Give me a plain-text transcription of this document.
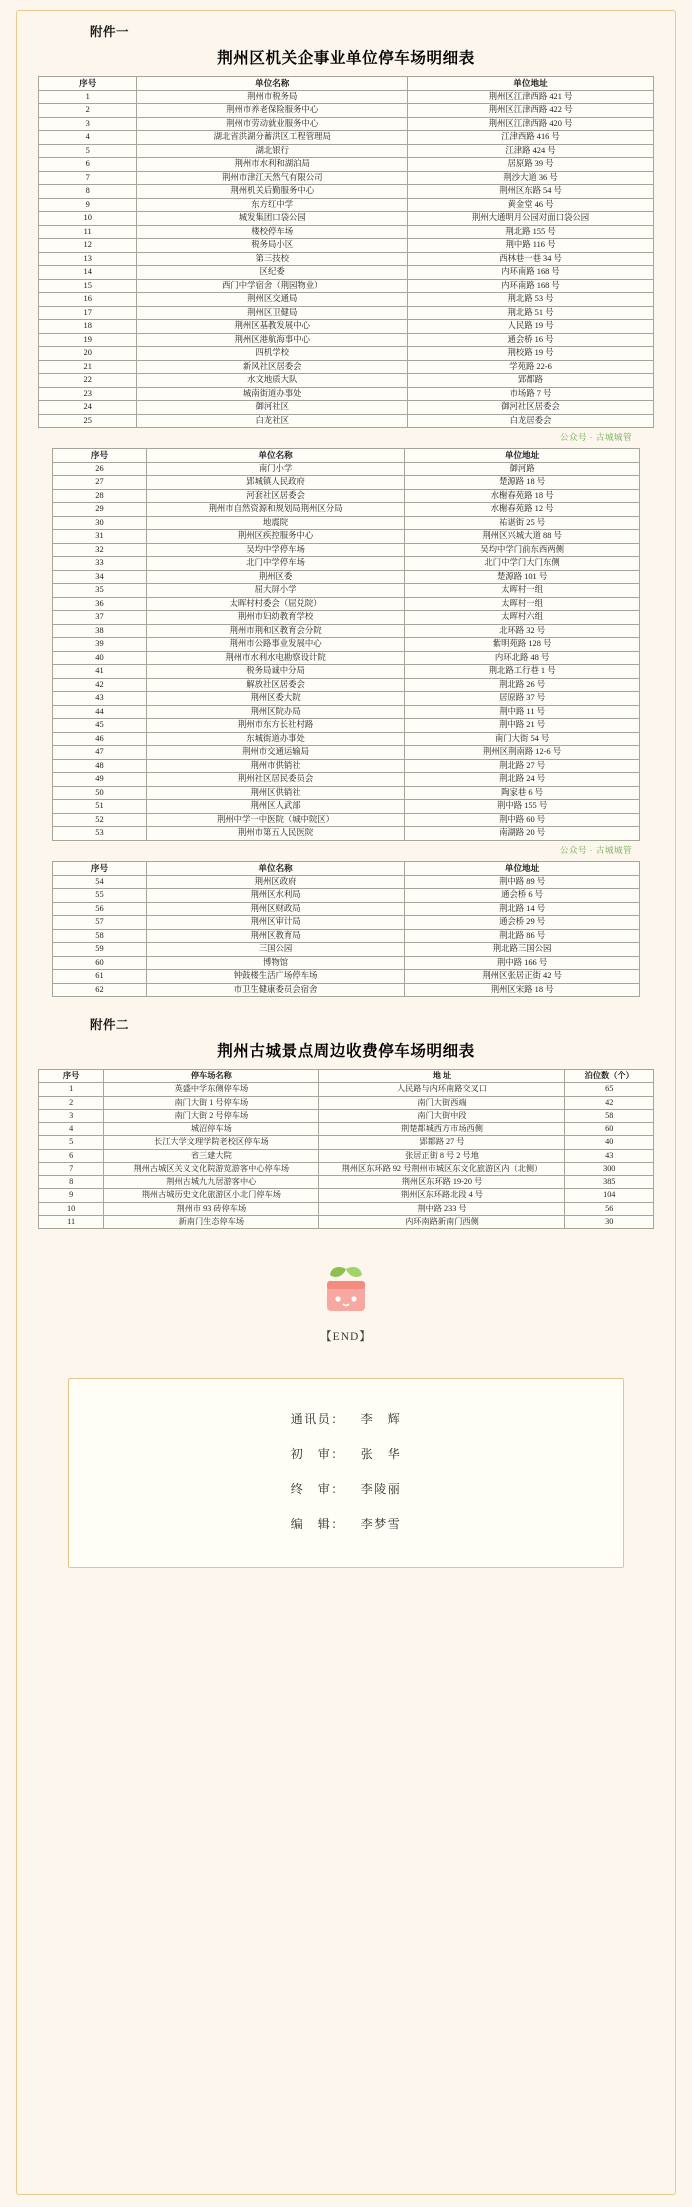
附件一
荆州区机关企事业单位停车场明细表
序号	单位名称	单位地址
1	荆州市税务局	荆州区江津西路 421 号
2	荆州市养老保险服务中心	荆州区江津西路 422 号
3	荆州市劳动就业服务中心	荆州区江津西路 420 号
4	湖北省洪湖分蓄洪区工程管理局	江津西路 416 号
5	湖北银行	江津路 424 号
6	荆州市水利和湖泊局	居原路 39 号
7	荆州市津江天然气有限公司	荆沙大道 36 号
8	荆州机关后勤服务中心	荆州区东路 54 号
9	东方红中学	黄金堂 46 号
10	城发集团口袋公园	荆州大通明月公园对面口袋公园
11	楼校停车场	荆北路 155 号
12	税务局小区	荆中路 116 号
13	第三技校	西林巷一巷 34 号
14	区纪委	内环南路 168 号
15	西门中学宿舍（荆园物业）	内环南路 168 号
16	荆州区交通局	荆北路 53 号
17	荆州区卫健局	荆北路 51 号
18	荆州区基教发展中心	人民路 19 号
19	荆州区港航海事中心	通会桥 16 号
20	四机学校	荆校路 19 号
21	新风社区居委会	学苑路 22-6
22	水文地质大队	郢都路
23	城南街道办事处	市场路 7 号
24	御河社区	御河社区居委会
25	白龙社区	白龙居委会
公众号 · 古城城管
序号	单位名称	单位地址
26	南门小学	御河路
27	郢城镇人民政府	楚源路 18 号
28	河套社区居委会	水榭春苑路 18 号
29	荆州市自然资源和规划局荆州区分局	水榭春苑路 12 号
30	地震院	祐谌街 25 号
31	荆州区疾控服务中心	荆州区兴城大道 88 号
32	吴均中学停车场	吴均中学门前东西两侧
33	北门中学停车场	北门中学门大门东侧
34	荆州区委	楚源路 101 号
35	屈大屏小学	太晖村一组
36	太晖村村委会（屈兑院）	太晖村一组
37	荆州市妇幼教育学校	太晖村六组
38	荆州市荆和区教育会分院	北环路 32 号
39	荆州市公路事业发展中心	紫明苑路 128 号
40	荆州市水利水电勘察设计院	内环北路 48 号
41	税务局诚中分局	荆北路工行巷 1 号
42	解放社区居委会	荆北路 26 号
43	荆州区委大院	居原路 37 号
44	荆州区院办局	荆中路 11 号
45	荆州市东方长社村路	荆中路 21 号
46	东城街道办事处	南门大街 54 号
47	荆州市交通运输局	荆州区荆南路 12-6 号
48	荆州市供销社	荆北路 27 号
49	荆州社区居民委员会	荆北路 24 号
50	荆州区供销社	陶家巷 6 号
51	荆州区人武部	荆中路 155 号
52	荆州中学一中医院（城中院区）	荆中路 60 号
53	荆州市第五人民医院	南湖路 20 号
公众号 · 古城城管
序号	单位名称	单位地址
54	荆州区政府	荆中路 89 号
55	荆州区水利局	通会桥 6 号
56	荆州区财政局	荆北路 14 号
57	荆州区审计局	通会桥 29 号
58	荆州区教育局	荆北路 86 号
59	三国公园	荆北路三国公园
60	博物馆	荆中路 166 号
61	钟鼓楼生活广场停车场	荆州区张居正街 42 号
62	市卫生健康委员会宿舍	荆州区宋路 18 号
附件二
荆州古城景点周边收费停车场明细表
序号	停车场名称	地 址	泊位数（个）
1	英盛中学东侧停车场	人民路与内环南路交叉口	65
2	南门大街 1 号停车场	南门大街西端	42
3	南门大街 2 号停车场	南门大街中段	58
4	城沼停车场	荆楚都城西方市场西侧	60
5	长江大学文理学院老校区停车场	郢都路 27 号	40
6	省三建大院	张居正街 8 号 2 号地	43
7	荆州古城区关义文化院游览游客中心停车场	荆州区东环路 92 号荆州市城区东文化旅游区内（北侧）	300
8	荆州古城九九居游客中心	荆州区东环路 19-20 号	385
9	荆州古城历史文化旅游区小北门停车场	荆州区东环路北段 4 号	104
10	荆州市 93 砖停车场	荆中路 233 号	56
11	新南门生态停车场	内环南路新南门西侧	30
【END】
通讯员： 李　辉
初　审： 张　华
终　审： 李陵丽
编　辑： 李梦雪
